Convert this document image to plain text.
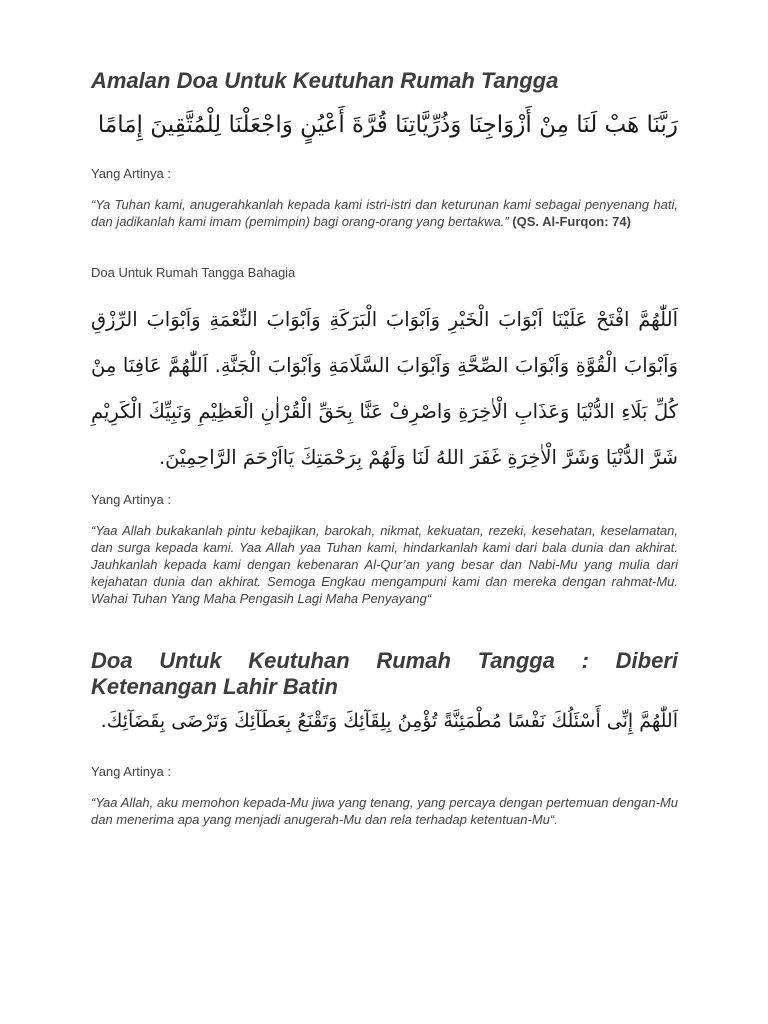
Amalan Doa Untuk Keutuhan Rumah Tangga
رَبَّنَا هَبْ لَنَا مِنْ أَزْوَاجِنَا وَذُرِّيَّاتِنَا قُرَّةَ أَعْيُنٍ وَاجْعَلْنَا لِلْمُتَّقِينَ إِمَامًا
Yang Artinya :
“Ya Tuhan kami, anugerahkanlah kepada kami istri-istri dan keturunan kami sebagai penyenang hati, dan jadikanlah kami imam (pemimpin) bagi orang-orang yang bertakwa.” (QS. Al-Furqon: 74)
Doa Untuk Rumah Tangga Bahagia
اَللّٰهُمَّ افْتَحْ عَلَيْنَا اَبْوَابَ الْخَيْرِ وَاَبْوَابَ الْبَرَكَةِ وَاَبْوَابَ النِّعْمَةِ وَاَبْوَابَ الرِّزْقِ وَاَبْوَابَ الْقُوَّةِ وَاَبْوَابَ الصِّحَّةِ وَاَبْوَابَ السَّلَامَةِ وَاَبْوَابَ الْجَنَّةِ. اَللّٰهُمَّ عَافِنَا مِنْ كُلِّ بَلَاءِ الدُّنْيَا وَعَذَابِ الْاٰخِرَةِ وَاصْرِفْ عَنَّا بِحَقِّ الْقُرْاٰنِ الْعَظِيْمِ وَنَبِيِّكَ الْكَرِيْمِ شَرَّ الدُّنْيَا وَشَرَّ الْاٰخِرَةِ غَفَرَ اللهُ لَنَا وَلَهُمْ بِرَحْمَتِكَ يَااَرْحَمَ الرَّاحِمِيْنَ.
Yang Artinya :
“Yaa Allah bukakanlah pintu kebajikan, barokah, nikmat, kekuatan, rezeki, kesehatan, keselamatan, dan surga kepada kami. Yaa Allah yaa Tuhan kami, hindarkanlah kami dari bala dunia dan akhirat. Jauhkanlah kepada kami dengan kebenaran Al-Qur’an yang besar dan Nabi-Mu yang mulia dari kejahatan dunia dan akhirat. Semoga Engkau mengampuni kami dan mereka dengan rahmat-Mu. Wahai Tuhan Yang Maha Pengasih Lagi Maha Penyayang“
Doa Untuk Keutuhan Rumah Tangga : Diberi Ketenangan Lahir Batin
اَللّٰهُمَّ إِنِّى أَسْئَلُكَ نَفْسًا مُطْمَئِنَّةً تُؤْمِنُ بِلِقَآئِكَ وَتَقْنَعُ بِعَطَآئِكَ وَتَرْضَى بِقَضَآئِكَ.
Yang Artinya :
“Yaa Allah, aku memohon kepada-Mu jiwa yang tenang, yang percaya dengan pertemuan dengan-Mu dan menerima apa yang menjadi anugerah-Mu dan rela terhadap ketentuan-Mu“.
